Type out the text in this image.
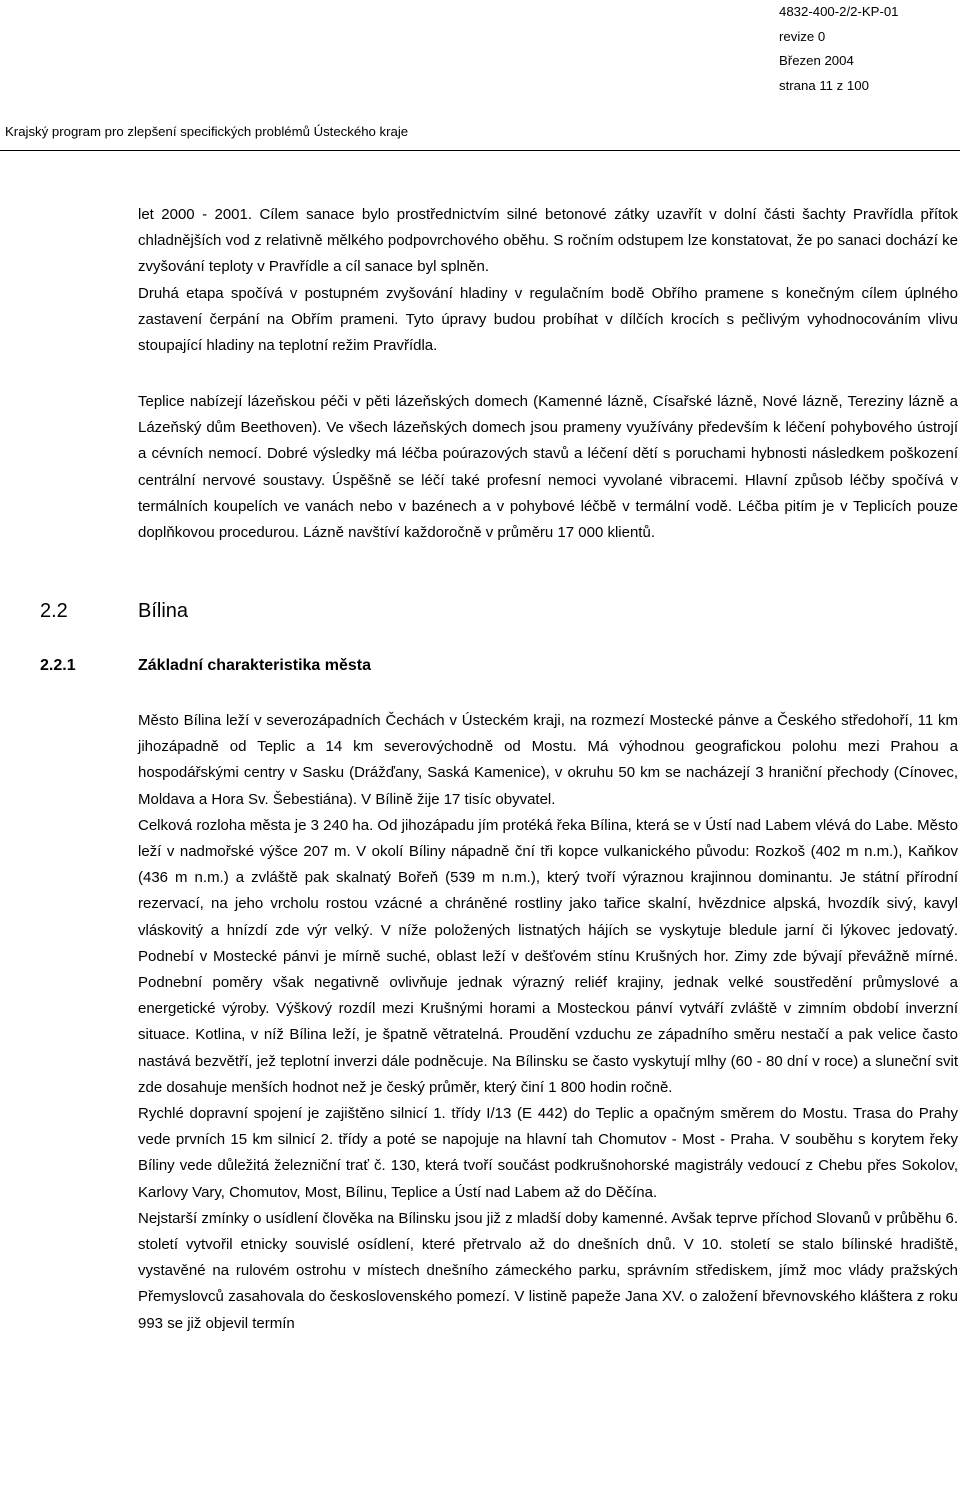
4832-400-2/2-KP-01
revize 0
Březen 2004
strana 11 z 100
Krajský program pro zlepšení specifických problémů Ústeckého kraje

let 2000 - 2001. Cílem sanace bylo prostřednictvím silné betonové zátky uzavřít v dolní části šachty Pravřídla přítok chladnějších vod z relativně mělkého podpovrchového oběhu. S ročním odstupem lze konstatovat, že po sanaci dochází ke zvyšování teploty v Pravřídle a cíl sanace byl splněn.

Druhá etapa spočívá v postupném zvyšování hladiny v regulačním bodě Obřího pramene s konečným cílem úplného zastavení čerpání na Obřím prameni. Tyto úpravy budou probíhat v dílčích krocích s pečlivým vyhodnocováním vlivu stoupající hladiny na teplotní režim Pravřídla.

Teplice nabízejí lázeňskou péči v pěti lázeňských domech (Kamenné lázně, Císařské lázně, Nové lázně, Tereziny lázně a Lázeňský dům Beethoven). Ve všech lázeňských domech jsou prameny využívány především k léčení pohybového ústrojí a cévních nemocí. Dobré výsledky má léčba poúrazových stavů a léčení dětí s poruchami hybnosti následkem poškození centrální nervové soustavy. Úspěšně se léčí také profesní nemoci vyvolané vibracemi. Hlavní způsob léčby spočívá v termálních koupelích ve vanách nebo v bazénech a v pohybové léčbě v termální vodě. Léčba pitím je v Teplicích pouze doplňkovou procedurou. Lázně navštíví každoročně v průměru 17 000 klientů.

2.2	Bílina
2.2.1	Základní charakteristika města

Město Bílina leží v severozápadních Čechách v Ústeckém kraji, na rozmezí Mostecké pánve a Českého středohoří, 11 km jihozápadně od Teplic a 14 km severovýchodně od Mostu. Má výhodnou geografickou polohu mezi Prahou a hospodářskými centry v Sasku (Drážďany, Saská Kamenice), v okruhu 50 km se nacházejí 3 hraniční přechody (Cínovec, Moldava a Hora Sv. Šebestiána). V Bílině žije 17 tisíc obyvatel.

Celková rozloha města je 3 240 ha. Od jihozápadu jím protéká řeka Bílina, která se v Ústí nad Labem vlévá do Labe. Město leží v nadmořské výšce 207 m. V okolí Bíliny nápadně ční tři kopce vulkanického původu: Rozkoš (402 m n.m.), Kaňkov (436 m n.m.) a zvláště pak skalnatý Bořeň (539 m n.m.), který tvoří výraznou krajinnou dominantu. Je státní přírodní rezervací, na jeho vrcholu rostou vzácné a chráněné rostliny jako tařice skalní, hvězdnice alpská, hvozdík sivý, kavyl vláskovitý a hnízdí zde výr velký. V níže položených listnatých hájích se vyskytuje bledule jarní či lýkovec jedovatý. Podnebí v Mostecké pánvi je mírně suché, oblast leží v dešťovém stínu Krušných hor. Zimy zde bývají převážně mírné. Podnební poměry však negativně ovlivňuje jednak výrazný reliéf krajiny, jednak velké soustředění průmyslové a energetické výroby. Výškový rozdíl mezi Krušnými horami a Mosteckou pánví vytváří zvláště v zimním období inverzní situace. Kotlina, v níž Bílina leží, je špatně větratelná. Proudění vzduchu ze západního směru nestačí a pak velice často nastává bezvětří, jež teplotní inverzi dále podněcuje. Na Bílinsku se často vyskytují mlhy (60 - 80 dní v roce) a sluneční svit zde dosahuje menších hodnot než je český průměr, který činí 1 800 hodin ročně.

Rychlé dopravní spojení je zajištěno silnicí 1. třídy I/13 (E 442) do Teplic a opačným směrem do Mostu. Trasa do Prahy vede prvních 15 km silnicí 2. třídy a poté se napojuje na hlavní tah Chomutov - Most - Praha. V souběhu s korytem řeky Bíliny vede důležitá železniční trať č. 130, která tvoří součást podkrušnohorské magistrály vedoucí z Chebu přes Sokolov, Karlovy Vary, Chomutov, Most, Bílinu, Teplice a Ústí nad Labem až do Děčína.

Nejstarší zmínky o usídlení člověka na Bílinsku jsou již z mladší doby kamenné. Avšak teprve příchod Slovanů v průběhu 6. století vytvořil etnicky souvislé osídlení, které přetrvalo až do dnešních dnů. V 10. století se stalo bílinské hradiště, vystavěné na rulovém ostrohu v místech dnešního zámeckého parku, správním střediskem, jímž moc vlády pražských Přemyslovců zasahovala do československého pomezí. V listině papeže Jana XV. o založení břevnovského kláštera z roku 993 se již objevil termín
